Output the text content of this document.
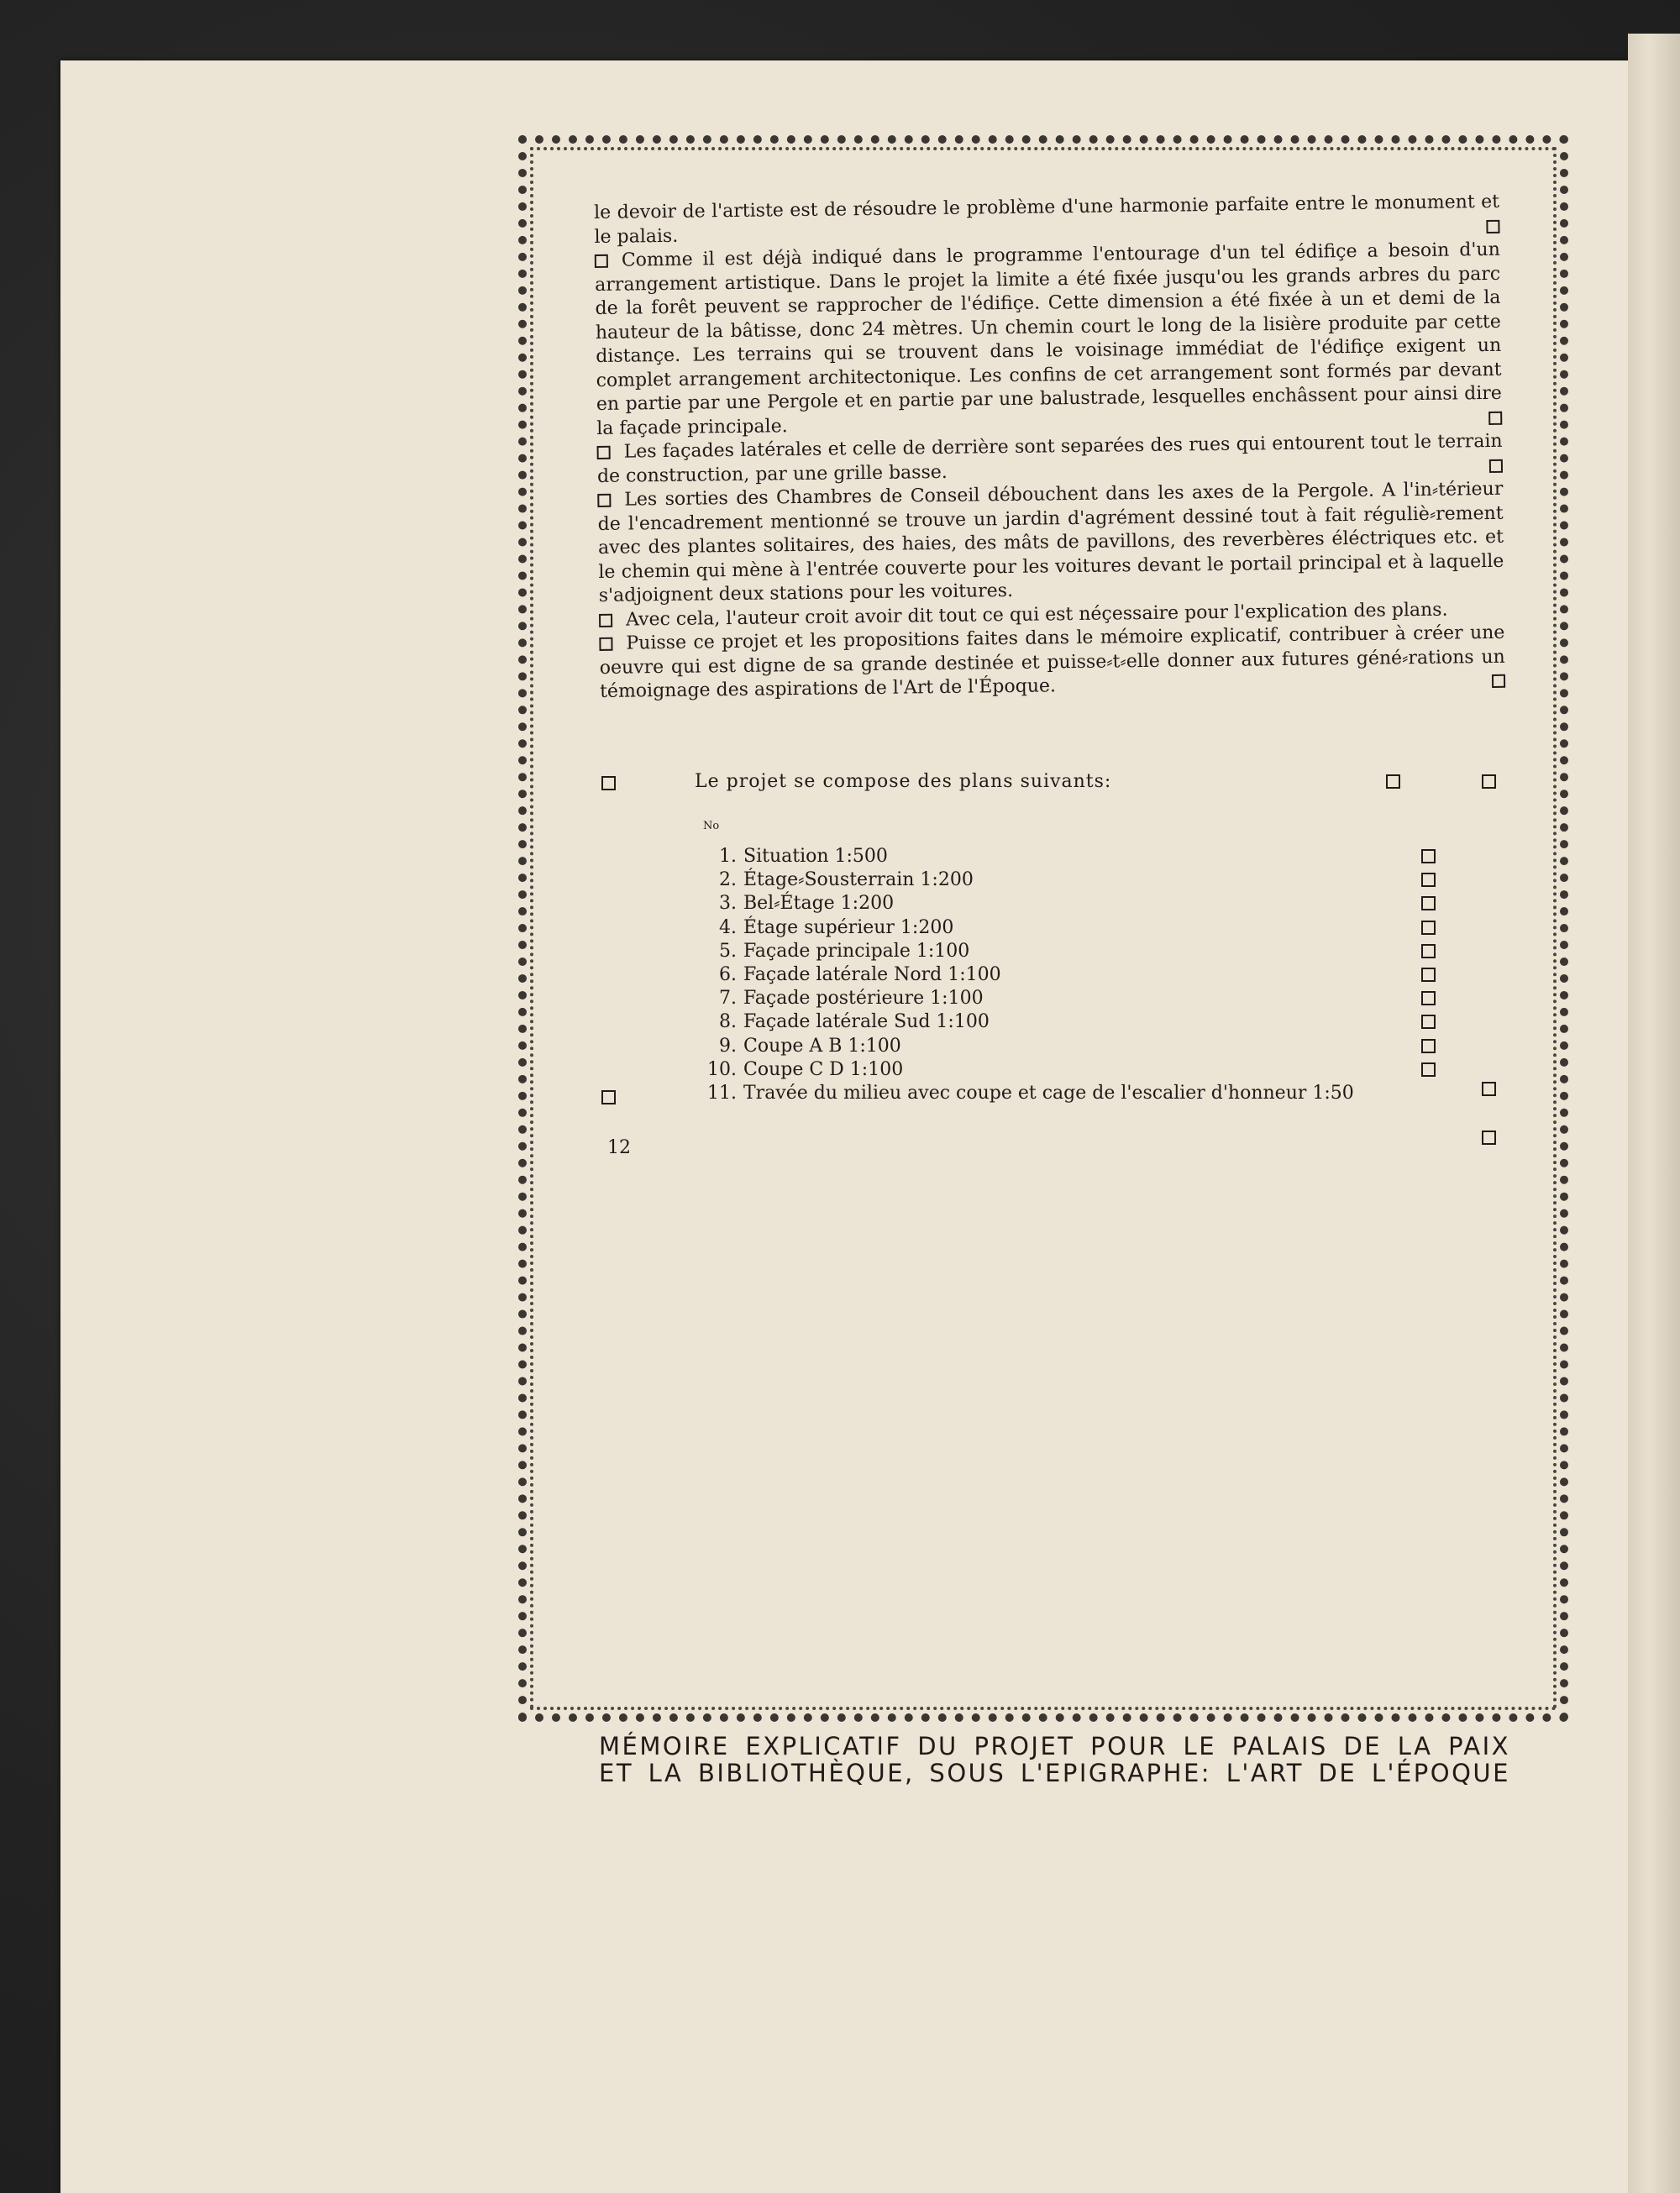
le devoir de l'artiste est de résoudre le problème d'une harmonie parfaite entre le monument et le palais.

Comme il est déjà indiqué dans le programme l'entourage d'un tel édifiçe a besoin d'un arrangement artistique. Dans le projet la limite a été fixée jusqu'ou les grands arbres du parc de la forêt peuvent se rapprocher de l'édifiçe. Cette dimension a été fixée à un et demi de la hauteur de la bâtisse, donc 24 mètres. Un chemin court le long de la lisière produite par cette distançe. Les terrains qui se trouvent dans le voisinage immédiat de l'édifiçe exigent un complet arrangement architectonique. Les confins de cet arrangement sont formés par devant en partie par une Pergole et en partie par une balustrade, lesquelles enchâssent pour ainsi dire la façade principale.

Les façades latérales et celle de derrière sont separées des rues qui entourent tout le terrain de construction, par une grille basse.

Les sorties des Chambres de Conseil débouchent dans les axes de la Pergole. A l'in⸗térieur de l'encadrement mentionné se trouve un jardin d'agrément dessiné tout à fait réguliè⸗rement avec des plantes solitaires, des haies, des mâts de pavillons, des reverbères éléctriques etc. et le chemin qui mène à l'entrée couverte pour les voitures devant le portail principal et à laquelle s'adjoignent deux stations pour les voitures.

Avec cela, l'auteur croit avoir dit tout ce qui est néçessaire pour l'explication des plans.

Puisse ce projet et les propositions faites dans le mémoire explicatif, contribuer à créer une oeuvre qui est digne de sa grande destinée et puisse⸗t⸗elle donner aux futures géné⸗rations un témoignage des aspirations de l'Art de l'Époque.

Le projet se compose des plans suivants:
No
1. Situation 1:500
2. Étage⸗Sousterrain 1:200
3. Bel⸗Étage 1:200
4. Étage supérieur 1:200
5. Façade principale 1:100
6. Façade latérale Nord 1:100
7. Façade postérieure 1:100
8. Façade latérale Sud 1:100
9. Coupe A B 1:100
10. Coupe C D 1:100
11. Travée du milieu avec coupe et cage de l'escalier d'honneur 1:50
12
MÉMOIRE EXPLICATIF DU PROJET POUR LE PALAIS DE LA PAIX
ET LA BIBLIOTHÈQUE, SOUS L'EPIGRAPHE: L'ART DE L'ÉPOQUE
